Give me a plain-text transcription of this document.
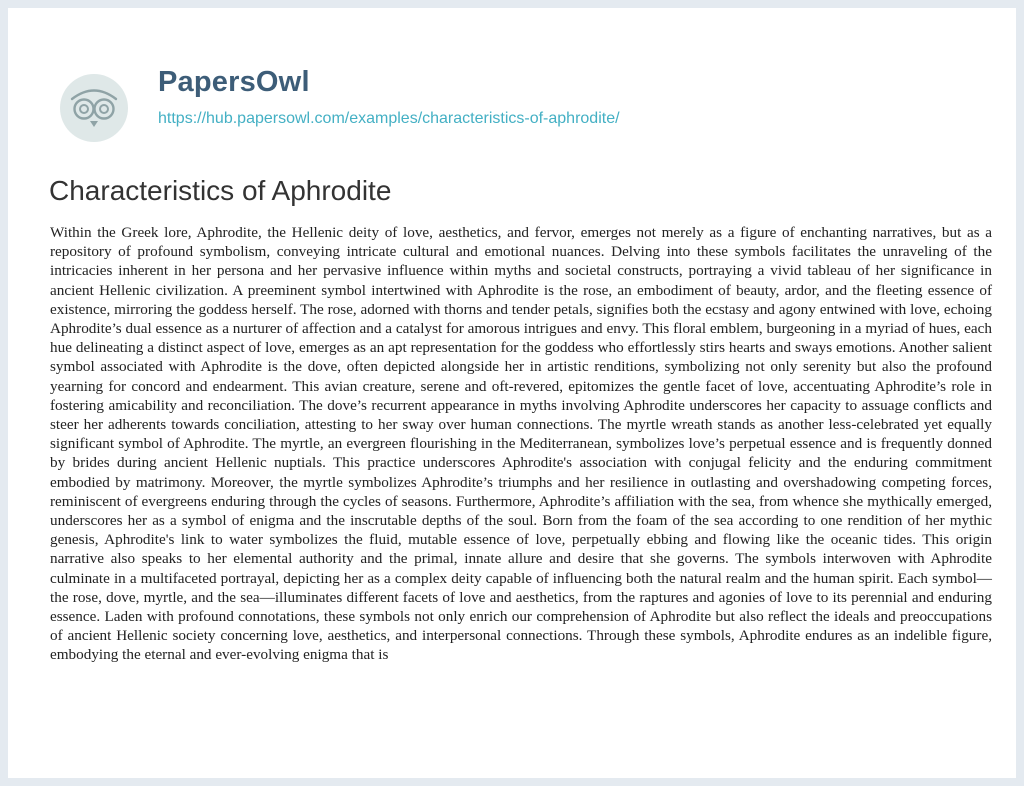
PapersOwl
https://hub.papersowl.com/examples/characteristics-of-aphrodite/
Characteristics of Aphrodite

Within the Greek lore, Aphrodite, the Hellenic deity of love, aesthetics, and fervor, emerges not merely as a figure of enchanting narratives, but as a repository of profound symbolism, conveying intricate cultural and emotional nuances. Delving into these symbols facilitates the unraveling of the intricacies inherent in her persona and her pervasive influence within myths and societal constructs, portraying a vivid tableau of her significance in ancient Hellenic civilization. A preeminent symbol intertwined with Aphrodite is the rose, an embodiment of beauty, ardor, and the fleeting essence of existence, mirroring the goddess herself. The rose, adorned with thorns and tender petals, signifies both the ecstasy and agony entwined with love, echoing Aphrodite’s dual essence as a nurturer of affection and a catalyst for amorous intrigues and envy. This floral emblem, burgeoning in a myriad of hues, each hue delineating a distinct aspect of love, emerges as an apt representation for the goddess who effortlessly stirs hearts and sways emotions. Another salient symbol associated with Aphrodite is the dove, often depicted alongside her in artistic renditions, symbolizing not only serenity but also the profound yearning for concord and endearment. This avian creature, serene and oft-revered, epitomizes the gentle facet of love, accentuating Aphrodite’s role in fostering amicability and reconciliation. The dove’s recurrent appearance in myths involving Aphrodite underscores her capacity to assuage conflicts and steer her adherents towards conciliation, attesting to her sway over human connections. The myrtle wreath stands as another less-celebrated yet equally significant symbol of Aphrodite. The myrtle, an evergreen flourishing in the Mediterranean, symbolizes love’s perpetual essence and is frequently donned by brides during ancient Hellenic nuptials. This practice underscores Aphrodite's association with conjugal felicity and the enduring commitment embodied by matrimony. Moreover, the myrtle symbolizes Aphrodite’s triumphs and her resilience in outlasting and overshadowing competing forces, reminiscent of evergreens enduring through the cycles of seasons. Furthermore, Aphrodite’s affiliation with the sea, from whence she mythically emerged, underscores her as a symbol of enigma and the inscrutable depths of the soul. Born from the foam of the sea according to one rendition of her mythic genesis, Aphrodite's link to water symbolizes the fluid, mutable essence of love, perpetually ebbing and flowing like the oceanic tides. This origin narrative also speaks to her elemental authority and the primal, innate allure and desire that she governs. The symbols interwoven with Aphrodite culminate in a multifaceted portrayal, depicting her as a complex deity capable of influencing both the natural realm and the human spirit. Each symbol—the rose, dove, myrtle, and the sea—illuminates different facets of love and aesthetics, from the raptures and agonies of love to its perennial and enduring essence. Laden with profound connotations, these symbols not only enrich our comprehension of Aphrodite but also reflect the ideals and preoccupations of ancient Hellenic society concerning love, aesthetics, and interpersonal connections. Through these symbols, Aphrodite endures as an indelible figure, embodying the eternal and ever-evolving enigma that is
